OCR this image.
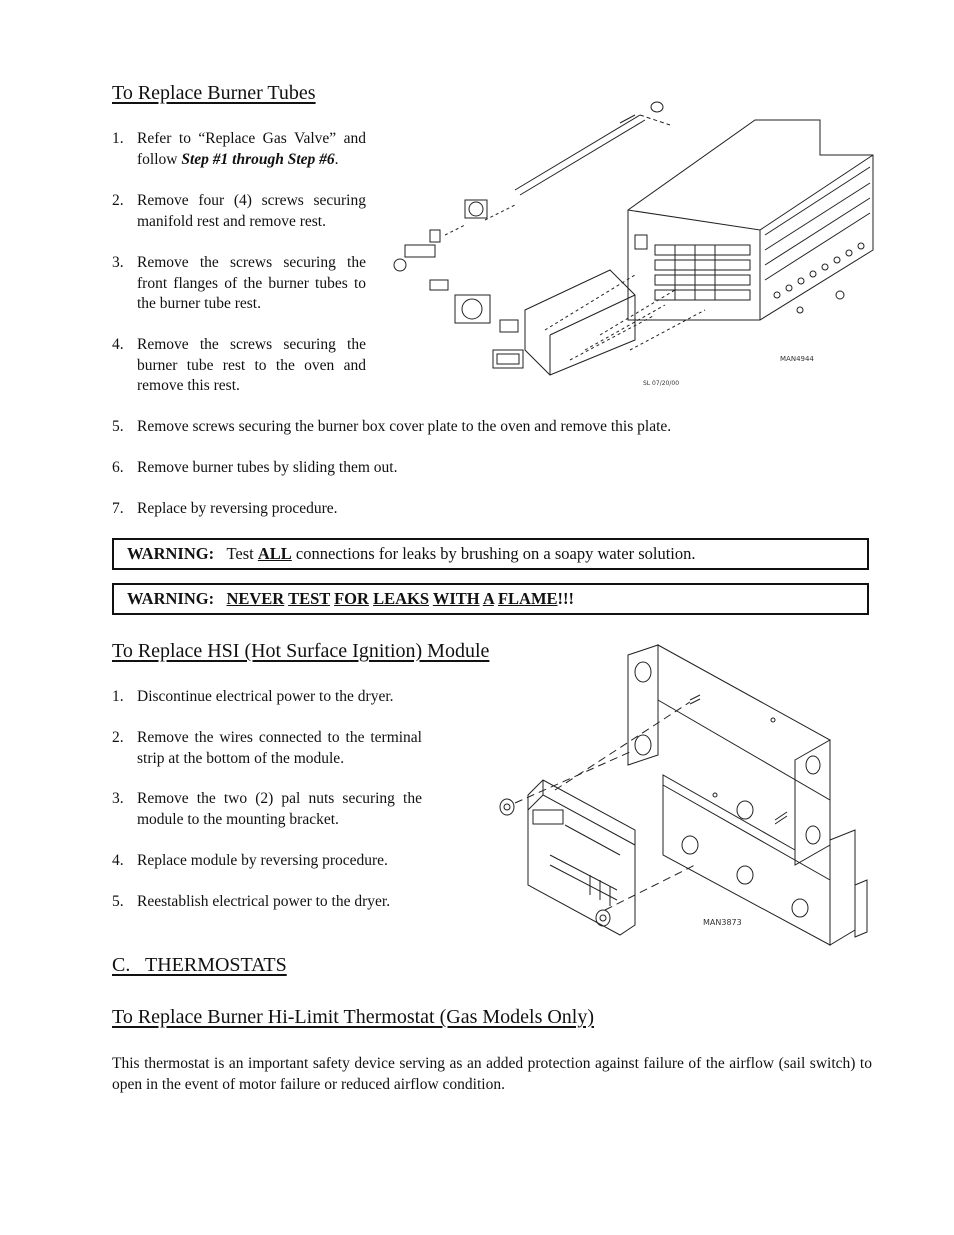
To Replace Burner Tubes
1. Refer to “Replace Gas Valve” and follow Step #1 through Step #6.
2. Remove four (4) screws securing manifold rest and remove rest.
3. Remove the screws securing the front flanges of the burner tubes to the burner tube rest.
4. Remove the screws securing the burner tube rest to the oven and remove this rest.
5. Remove screws securing the burner box cover plate to the oven and remove this plate.
6. Remove burner tubes by sliding them out.
7. Replace by reversing procedure.
MAN4944
SL 07/20/00
WARNING: Test ALL connections for leaks by brushing on a soapy water solution.
WARNING: NEVER TEST FOR LEAKS WITH A FLAME!!!
To Replace HSI (Hot Surface Ignition) Module
1. Discontinue electrical power to the dryer.
2. Remove the wires connected to the terminal strip at the bottom of the module.
3. Remove the two (2) pal nuts securing the module to the mounting bracket.
4. Replace module by reversing procedure.
5. Reestablish electrical power to the dryer.
MAN3873
C.   THERMOSTATS
To Replace Burner Hi-Limit Thermostat (Gas Models Only)
This thermostat is an important safety device serving as an added protection against failure of the airflow (sail switch) to open in the event of motor failure or reduced airflow condition.
